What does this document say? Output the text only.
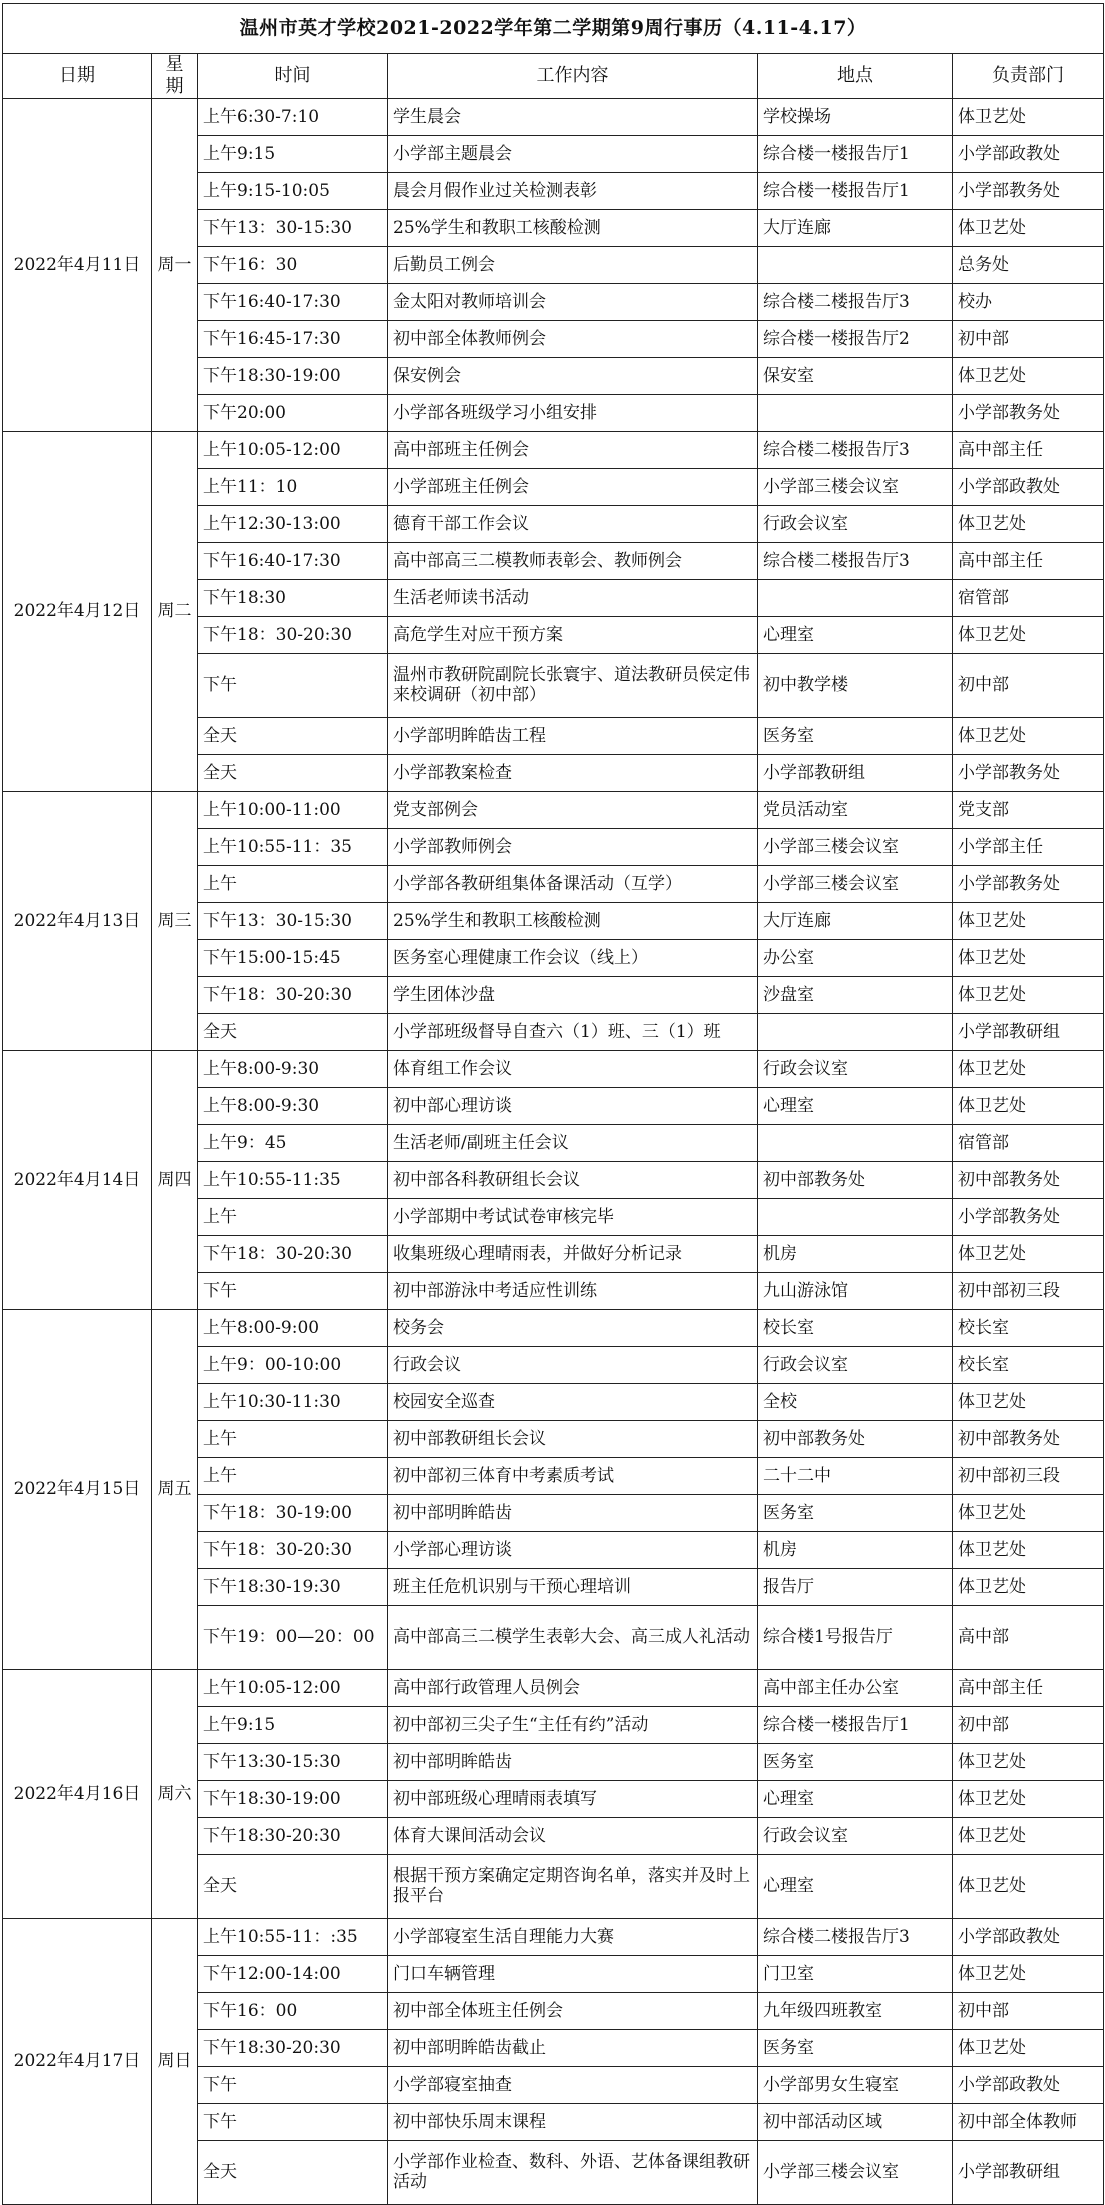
温州市英才学校2021-2022学年第二学期第9周行事历（4.11-4.17）					
日期	星期	时间	工作内容	地点	负责部门
2022年4月11日	周一	上午6:30-7:10	学生晨会	学校操场	体卫艺处
		上午9:15	小学部主题晨会	综合楼一楼报告厅1	小学部政教处
		上午9:15-10:05	晨会月假作业过关检测表彰	综合楼一楼报告厅1	小学部教务处
		下午13：30-15:30	25%学生和教职工核酸检测	大厅连廊	体卫艺处
		下午16：30	后勤员工例会		总务处
		下午16:40-17:30	金太阳对教师培训会	综合楼二楼报告厅3	校办
		下午16:45-17:30	初中部全体教师例会	综合楼一楼报告厅2	初中部
		下午18:30-19:00	保安例会	保安室	体卫艺处
		下午20:00	小学部各班级学习小组安排		小学部教务处
2022年4月12日	周二	上午10:05-12:00	高中部班主任例会	综合楼二楼报告厅3	高中部主任
		上午11：10	小学部班主任例会	小学部三楼会议室	小学部政教处
		上午12:30-13:00	德育干部工作会议	行政会议室	体卫艺处
		下午16:40-17:30	高中部高三二模教师表彰会、教师例会	综合楼二楼报告厅3	高中部主任
		下午18:30	生活老师读书活动		宿管部
		下午18：30-20:30	高危学生对应干预方案	心理室	体卫艺处
		下午	温州市教研院副院长张寰宇、道法教研员侯定伟来校调研（初中部）	初中教学楼	初中部
		全天	小学部明眸皓齿工程	医务室	体卫艺处
		全天	小学部教案检查	小学部教研组	小学部教务处
2022年4月13日	周三	上午10:00-11:00	党支部例会	党员活动室	党支部
		上午10:55-11：35	小学部教师例会	小学部三楼会议室	小学部主任
		上午	小学部各教研组集体备课活动（互学）	小学部三楼会议室	小学部教务处
		下午13：30-15:30	25%学生和教职工核酸检测	大厅连廊	体卫艺处
		下午15:00-15:45	医务室心理健康工作会议（线上）	办公室	体卫艺处
		下午18：30-20:30	学生团体沙盘	沙盘室	体卫艺处
		全天	小学部班级督导自查六（1）班、三（1）班		小学部教研组
2022年4月14日	周四	上午8:00-9:30	体育组工作会议	行政会议室	体卫艺处
		上午8:00-9:30	初中部心理访谈	心理室	体卫艺处
		上午9：45	生活老师/副班主任会议		宿管部
		上午10:55-11:35	初中部各科教研组长会议	初中部教务处	初中部教务处
		上午	小学部期中考试试卷审核完毕		小学部教务处
		下午18：30-20:30	收集班级心理晴雨表，并做好分析记录	机房	体卫艺处
		下午	初中部游泳中考适应性训练	九山游泳馆	初中部初三段
2022年4月15日	周五	上午8:00-9:00	校务会	校长室	校长室
		上午9：00-10:00	行政会议	行政会议室	校长室
		上午10:30-11:30	校园安全巡查	全校	体卫艺处
		上午	初中部教研组长会议	初中部教务处	初中部教务处
		上午	初中部初三体育中考素质考试	二十二中	初中部初三段
		下午18：30-19:00	初中部明眸皓齿	医务室	体卫艺处
		下午18：30-20:30	小学部心理访谈	机房	体卫艺处
		下午18:30-19:30	班主任危机识别与干预心理培训	报告厅	体卫艺处
		下午19：00—20：00	高中部高三二模学生表彰大会、高三成人礼活动	综合楼1号报告厅	高中部
2022年4月16日	周六	上午10:05-12:00	高中部行政管理人员例会	高中部主任办公室	高中部主任
		上午9:15	初中部初三尖子生“主任有约”活动	综合楼一楼报告厅1	初中部
		下午13:30-15:30	初中部明眸皓齿	医务室	体卫艺处
		下午18:30-19:00	初中部班级心理晴雨表填写	心理室	体卫艺处
		下午18:30-20:30	体育大课间活动会议	行政会议室	体卫艺处
		全天	根据干预方案确定定期咨询名单，落实并及时上报平台	心理室	体卫艺处
2022年4月17日	周日	上午10:55-11：:35	小学部寝室生活自理能力大赛	综合楼二楼报告厅3	小学部政教处
		下午12:00-14:00	门口车辆管理	门卫室	体卫艺处
		下午16：00	初中部全体班主任例会	九年级四班教室	初中部
		下午18:30-20:30	初中部明眸皓齿截止	医务室	体卫艺处
		下午	小学部寝室抽查	小学部男女生寝室	小学部政教处
		下午	初中部快乐周末课程	初中部活动区域	初中部全体教师
		全天	小学部作业检查、数科、外语、艺体备课组教研活动	小学部三楼会议室	小学部教研组
